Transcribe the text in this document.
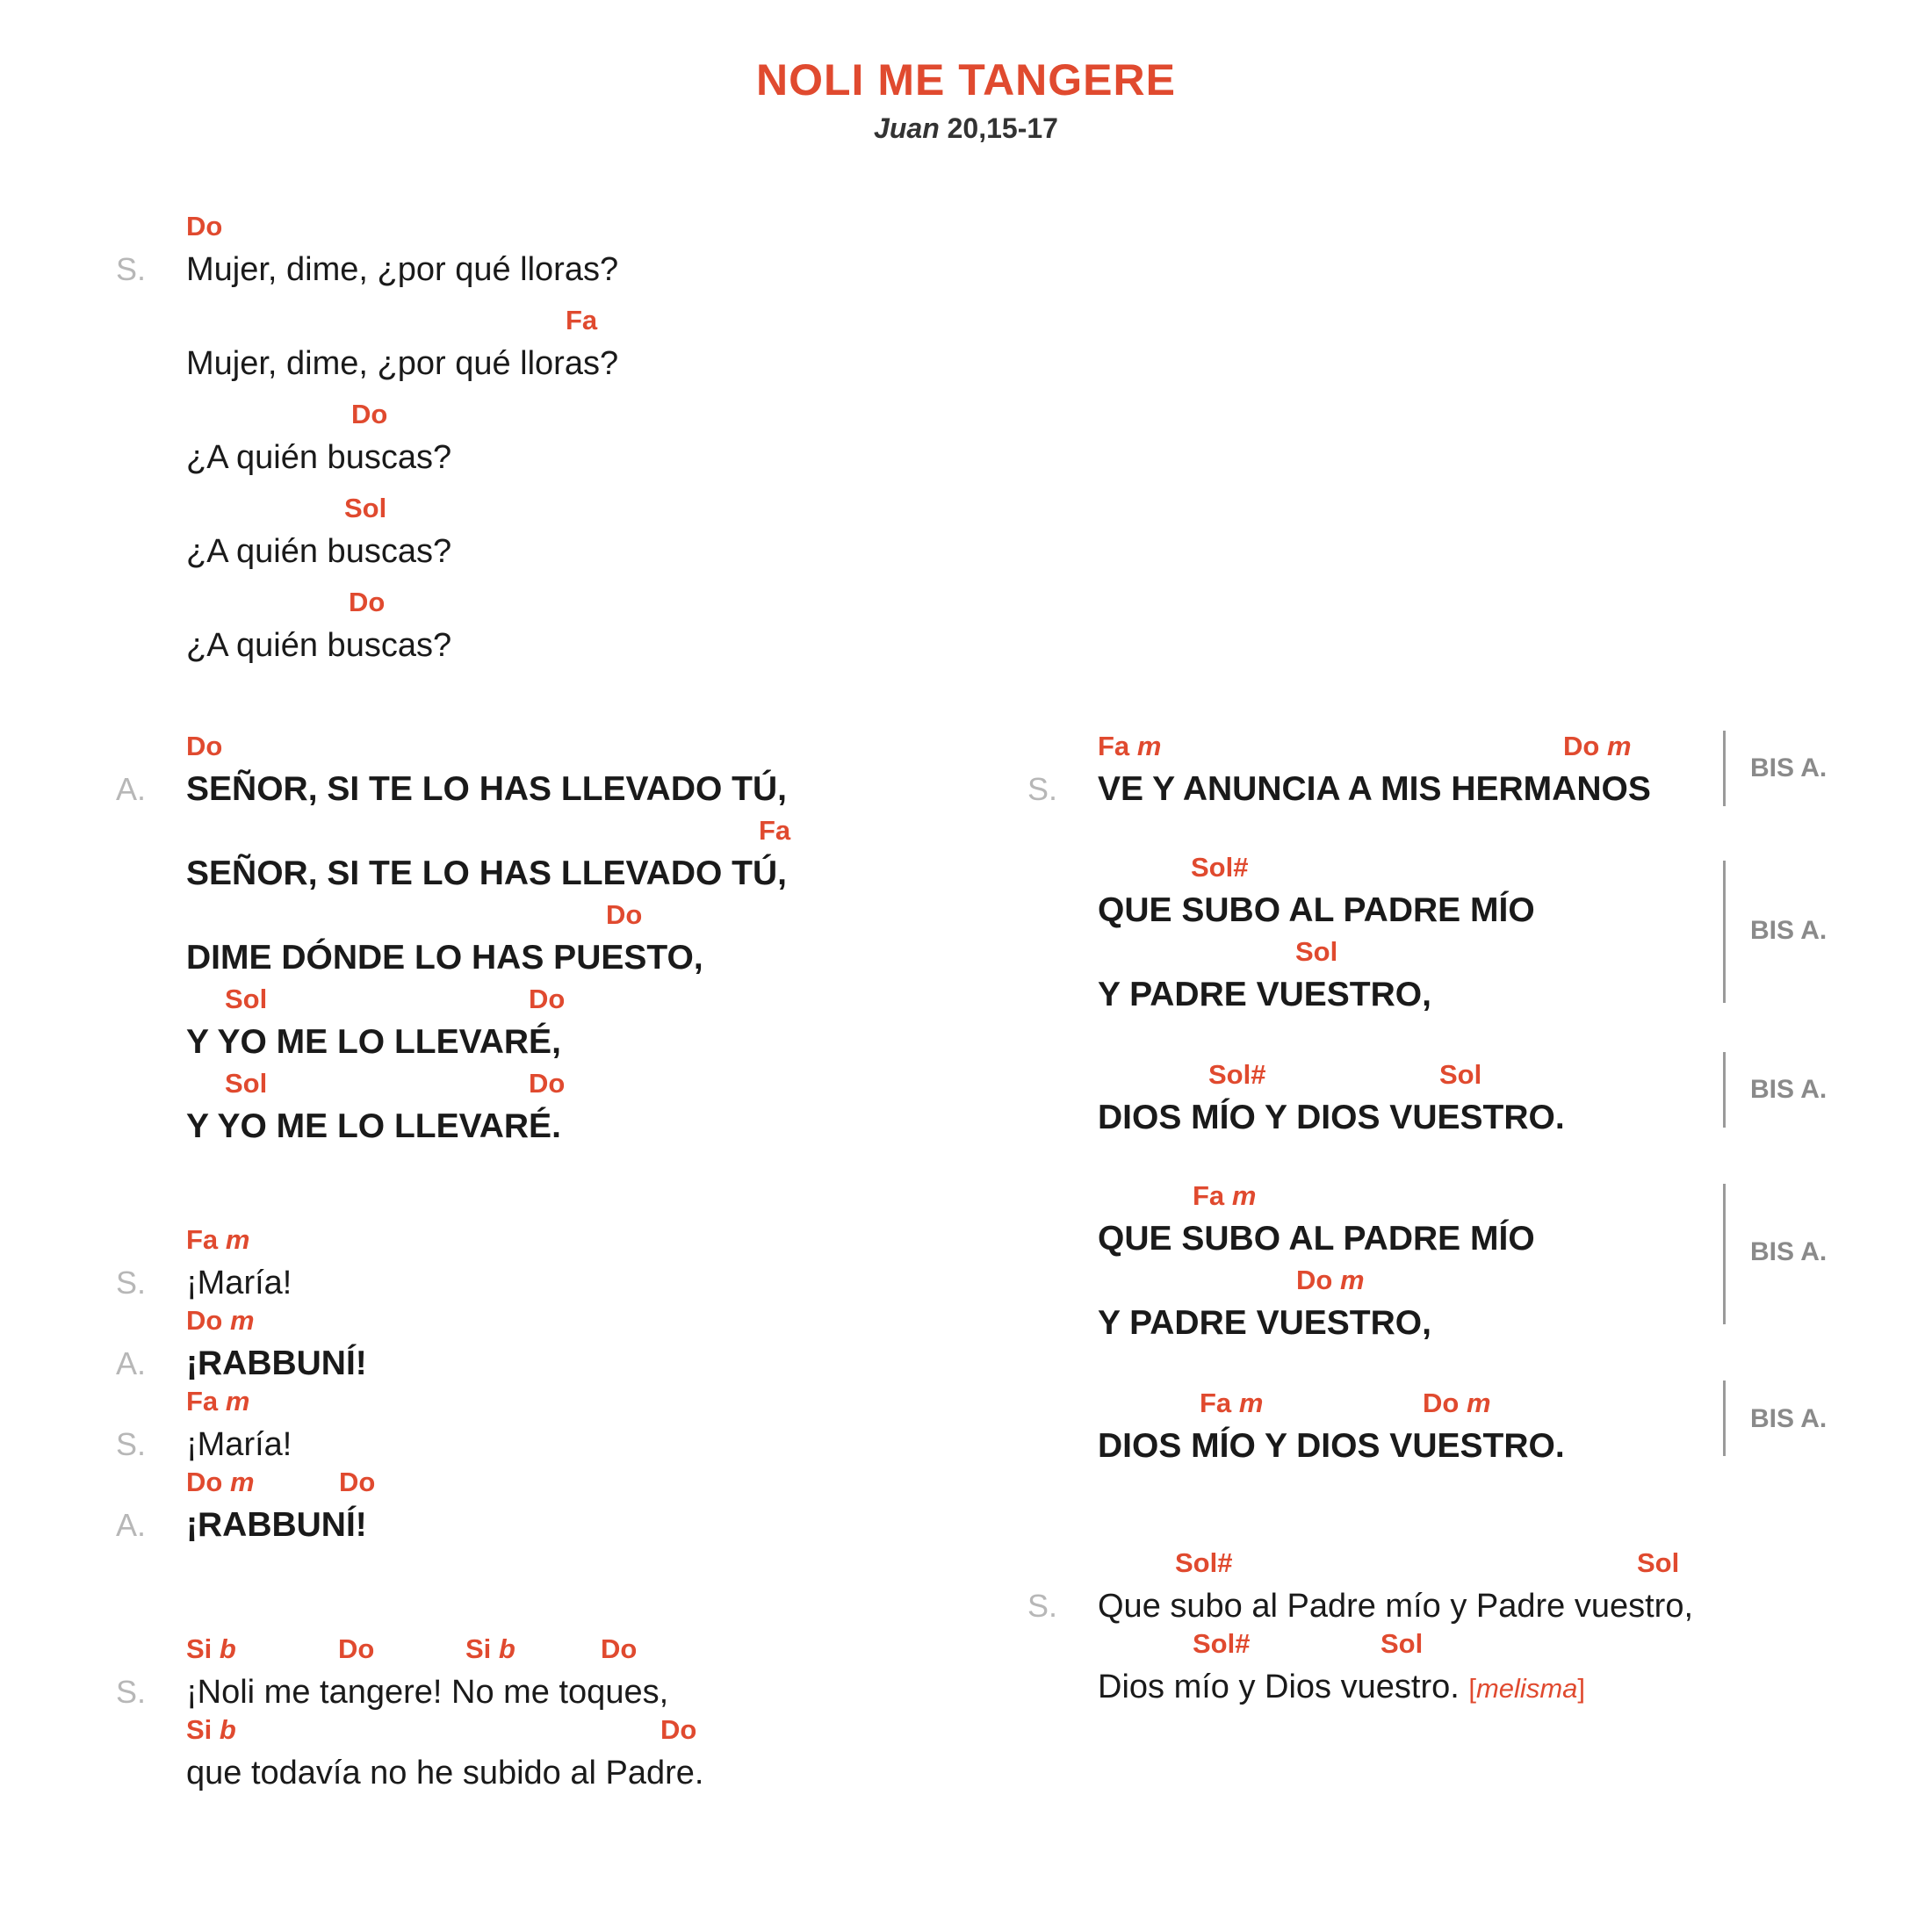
NOLI ME TANGERE
Juan 20,15-17
Do
S. Mujer, dime, ¿por qué lloras?
Fa
Mujer, dime, ¿por qué lloras?
Do
¿A quién buscas?
Sol
¿A quién buscas?
Do
¿A quién buscas?
Do
A. SEÑOR, SI TE LO HAS LLEVADO TÚ,
Fa
SEÑOR, SI TE LO HAS LLEVADO TÚ,
Do
DIME DÓNDE LO HAS PUESTO,
Sol	Do
Y YO ME LO LLEVARÉ,
Sol	Do
Y YO ME LO LLEVARÉ.
Fa m
S. ¡María!
Do m
A. ¡RABBUNÍ!
Fa m
S. ¡María!
Do m	Do
A. ¡RABBUNÍ!
Si b	Do	Si b	Do
S. ¡Noli me tangere! No me toques,
Si b	Do
que todavía no he subido al Padre.
Fa m	Do m
S. VE Y ANUNCIA A MIS HERMANOS
BIS A.
Sol#
QUE SUBO AL PADRE MÍO
Sol
Y PADRE VUESTRO,
BIS A.
Sol#	Sol
DIOS MÍO Y DIOS VUESTRO.
BIS A.
Fa m
QUE SUBO AL PADRE MÍO
Do m
Y PADRE VUESTRO,
BIS A.
Fa m	Do m
DIOS MÍO Y DIOS VUESTRO.
BIS A.
Sol#	Sol
S. Que subo al Padre mío y Padre vuestro,
Sol#	Sol
Dios mío y Dios vuestro. [melisma]
